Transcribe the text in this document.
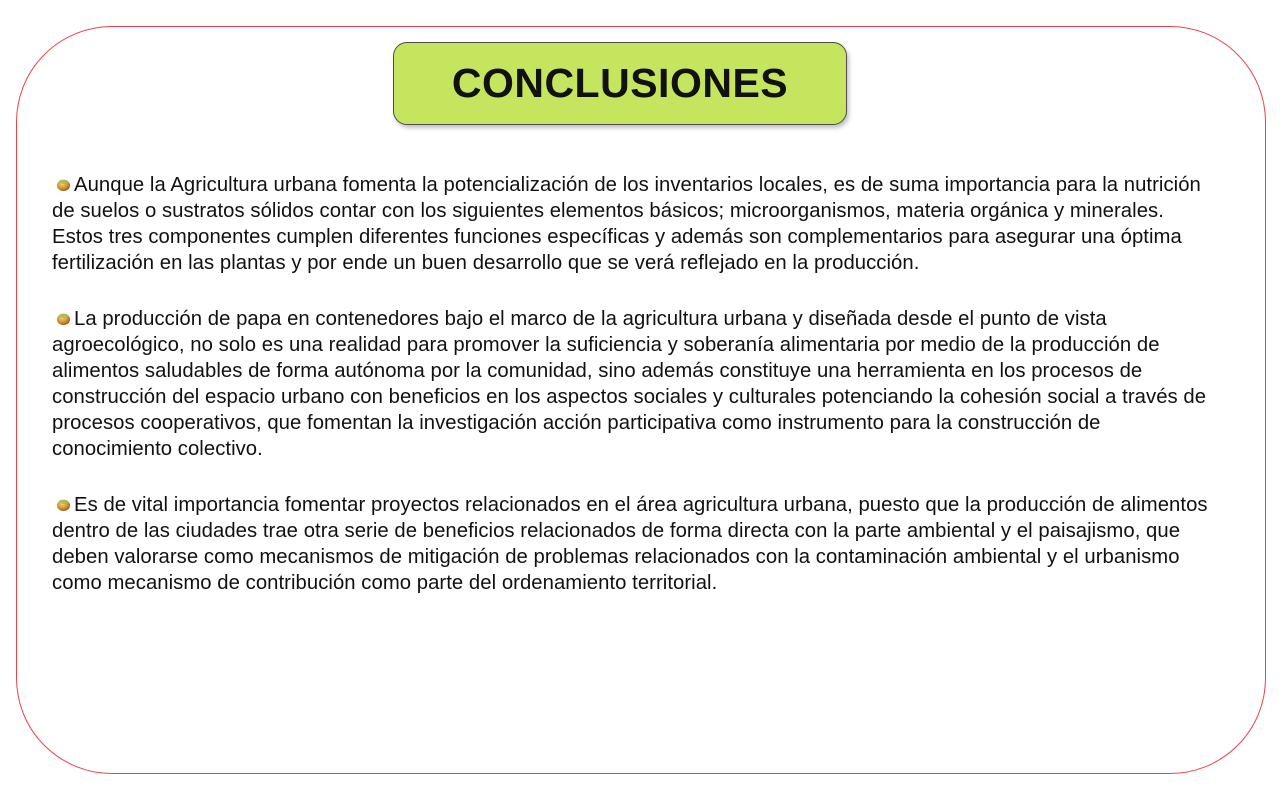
CONCLUSIONES

Aunque la Agricultura urbana fomenta la potencialización de los inventarios locales, es de suma importancia para la nutrición de suelos o sustratos sólidos contar con los siguientes elementos básicos; microorganismos, materia orgánica y minerales. Estos tres componentes cumplen diferentes funciones específicas y además son complementarios para asegurar una óptima fertilización en las plantas y por ende un buen desarrollo que se verá reflejado en la producción.

La producción de papa en contenedores bajo el marco de la agricultura urbana y diseñada desde el punto de vista agroecológico, no solo es una realidad para promover la suficiencia y soberanía alimentaria por medio de la producción de alimentos saludables de forma autónoma por la comunidad, sino además constituye una herramienta en los procesos de construcción del espacio urbano con beneficios en los aspectos sociales y culturales potenciando la cohesión social a través de procesos cooperativos, que fomentan la investigación acción participativa como instrumento para la construcción de conocimiento colectivo.

Es de vital importancia fomentar proyectos relacionados en el área agricultura urbana, puesto que la producción de alimentos dentro de las ciudades trae otra serie de beneficios relacionados de forma directa con la parte ambiental y el paisajismo, que deben valorarse como mecanismos de mitigación de problemas relacionados con la contaminación ambiental y el urbanismo como mecanismo de contribución como parte del ordenamiento territorial.
